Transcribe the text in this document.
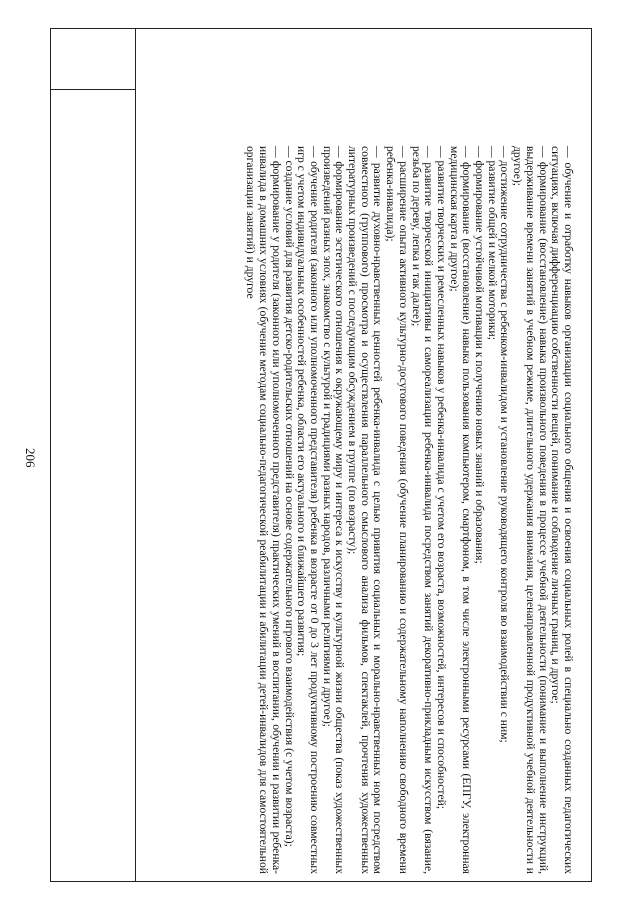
206	— обучение и отработку навыков организации социального общения и освоения социальных ролей в специально созданных педагогических ситуациях, включая дифференциацию собственности вещей, понимание и соблюдение личных границ, и другое;

— формирование (восстановление) навыка произвольного поведения в процессе учебной деятельности (понимание и выполнение инструкций, выдерживание времени занятий в учебном режиме, длительного удержания внимания, целенаправленной продуктивной учебной деятельности и другое);

— достижение сотрудничества с ребенком-инвалидом и установление руководящего контроля во взаимодействии с ним;

— развитие общей и мелкой моторики;

— формирование устойчивой мотивации к получению новых знаний и образования;

— формирование (восстановление) навыка пользования компьютером, смартфоном, в том числе электронными ресурсами (ЕПГУ, электронная медицинская карта и другое);

— развитие творческих и ремесленных навыков у ребенка-инвалида с учетом его возраста, возможностей, интересов и способностей;

— развитие творческой инициативы и самореализации ребенка-инвалида посредством занятий декоративно-прикладным искусством (вязание, резьба по дереву, лепка и так далее);

— расширение опыта активного культурно-досугового поведения (обучение планированию и содержательному наполнению свободного времени ребенка-инвалида);

— развитие духовно-нравственных ценностей ребенка-инвалида с целью привития социальных и морально-нравственных норм посредством совместного (группового) просмотра и осуществления параллельного смыслового анализа фильмов, спектаклей, прочтения художественных литературных произведений с последующим обсуждением в группе (по возрасту);

— формирование эстетического отношения к окружающему миру и интереса к искусству и культурной жизни общества (показ художественных произведений разных эпох, знакомство с культурой и традициями разных народов, различными религиями и другое);

— обучение родителя (законного или уполномоченного представителя) ребенка в возрасте от 0 до 3 лет продуктивному построению совместных игр с учетом индивидуальных особенностей ребенка, области его актуального и ближайшего развития;

— создание условий для развития детско-родительских отношений на основе содержательного игрового взаимодействия (с учетом возраста);

— формирование у родителя (законного или уполномоченного представителя) практических умений в воспитании, обучении и развитии ребенка-инвалида в домашних условиях (обучение методам социально-педагогической реабилитации и абилитации детей-инвалидов для самостоятельной организации занятий) и другое
